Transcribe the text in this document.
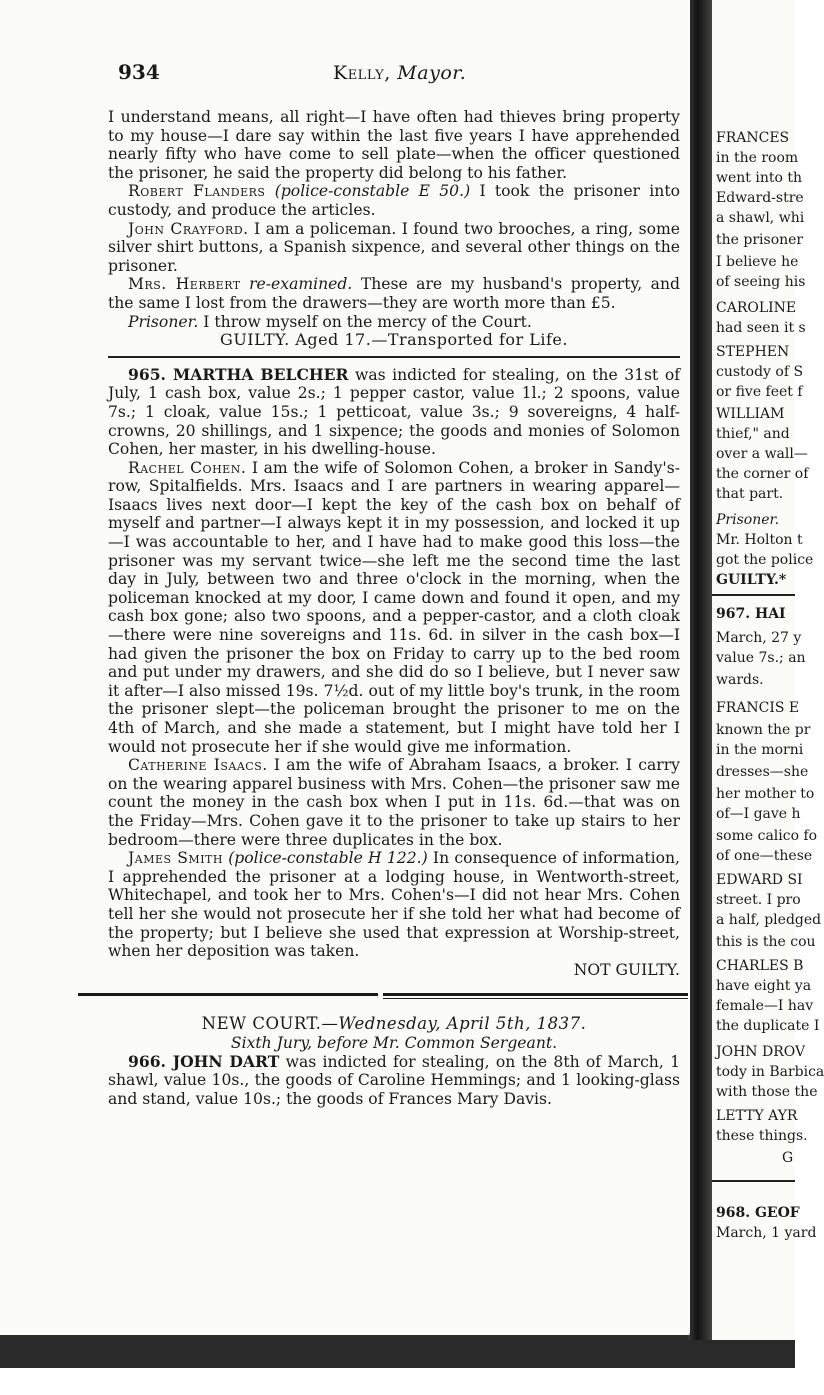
934	Kelly, Mayor.

I understand means, all right—I have often had thieves bring property to my house—I dare say within the last five years I have apprehended nearly fifty who have come to sell plate—when the officer questioned the prisoner, he said the property did belong to his father.

Robert Flanders (police-constable E 50.) I took the prisoner into custody, and produce the articles.

John Crayford. I am a policeman. I found two brooches, a ring, some silver shirt buttons, a Spanish sixpence, and several other things on the prisoner.

Mrs. Herbert re-examined. These are my husband's property, and the same I lost from the drawers—they are worth more than £5.

Prisoner. I throw myself on the mercy of the Court.

GUILTY. Aged 17.—Transported for Life.

965. MARTHA BELCHER was indicted for stealing, on the 31st of July, 1 cash box, value 2s.; 1 pepper castor, value 1l.; 2 spoons, value 7s.; 1 cloak, value 15s.; 1 petticoat, value 3s.; 9 sovereigns, 4 half-crowns, 20 shillings, and 1 sixpence; the goods and monies of Solomon Cohen, her master, in his dwelling-house.

Rachel Cohen. I am the wife of Solomon Cohen, a broker in Sandy's-row, Spitalfields. Mrs. Isaacs and I are partners in wearing apparel—Isaacs lives next door—I kept the key of the cash box on behalf of myself and partner—I always kept it in my possession, and locked it up—I was accountable to her, and I have had to make good this loss—the prisoner was my servant twice—she left me the second time the last day in July, between two and three o'clock in the morning, when the policeman knocked at my door, I came down and found it open, and my cash box gone; also two spoons, and a pepper-castor, and a cloth cloak—there were nine sovereigns and 11s. 6d. in silver in the cash box—I had given the prisoner the box on Friday to carry up to the bed room and put under my drawers, and she did do so I believe, but I never saw it after—I also missed 19s. 7½d. out of my little boy's trunk, in the room the prisoner slept—the policeman brought the prisoner to me on the 4th of March, and she made a statement, but I might have told her I would not prosecute her if she would give me information.

Catherine Isaacs. I am the wife of Abraham Isaacs, a broker. I carry on the wearing apparel business with Mrs. Cohen—the prisoner saw me count the money in the cash box when I put in 11s. 6d.—that was on the Friday—Mrs. Cohen gave it to the prisoner to take up stairs to her bedroom—there were three duplicates in the box.

James Smith (police-constable H 122.) In consequence of information, I apprehended the prisoner at a lodging house, in Wentworth-street, Whitechapel, and took her to Mrs. Cohen's—I did not hear Mrs. Cohen tell her she would not prosecute her if she told her what had become of the property; but I believe she used that expression at Worship-street, when her deposition was taken.

NOT GUILTY.

NEW COURT.—Wednesday, April 5th, 1837.

Sixth Jury, before Mr. Common Sergeant.

966. JOHN DART was indicted for stealing, on the 8th of March, 1 shawl, value 10s., the goods of Caroline Hemmings; and 1 looking-glass and stand, value 10s.; the goods of Frances Mary Davis.

FRANCES
in the room
went into th
Edward-stre
a shawl, whi
the prisoner
I believe he
of seeing his
CAROLINE
had seen it s
STEPHEN
custody of S
or five feet f
WILLIAM
thief," and
over a wall—
the corner of
that part.
Prisoner.
Mr. Holton t
got the police
GUILTY.*
967. HAI
March, 27 y
value 7s.; an
wards.
FRANCIS E
known the pr
in the morni
dresses—she
her mother to
of—I gave h
some calico fo
of one—these
EDWARD SI
street. I pro
a half, pledged
this is the cou
CHARLES B
have eight ya
female—I hav
the duplicate I
JOHN DROV
tody in Barbica
with those the
LETTY AYR
these things.
G
968. GEOF
March, 1 yard
